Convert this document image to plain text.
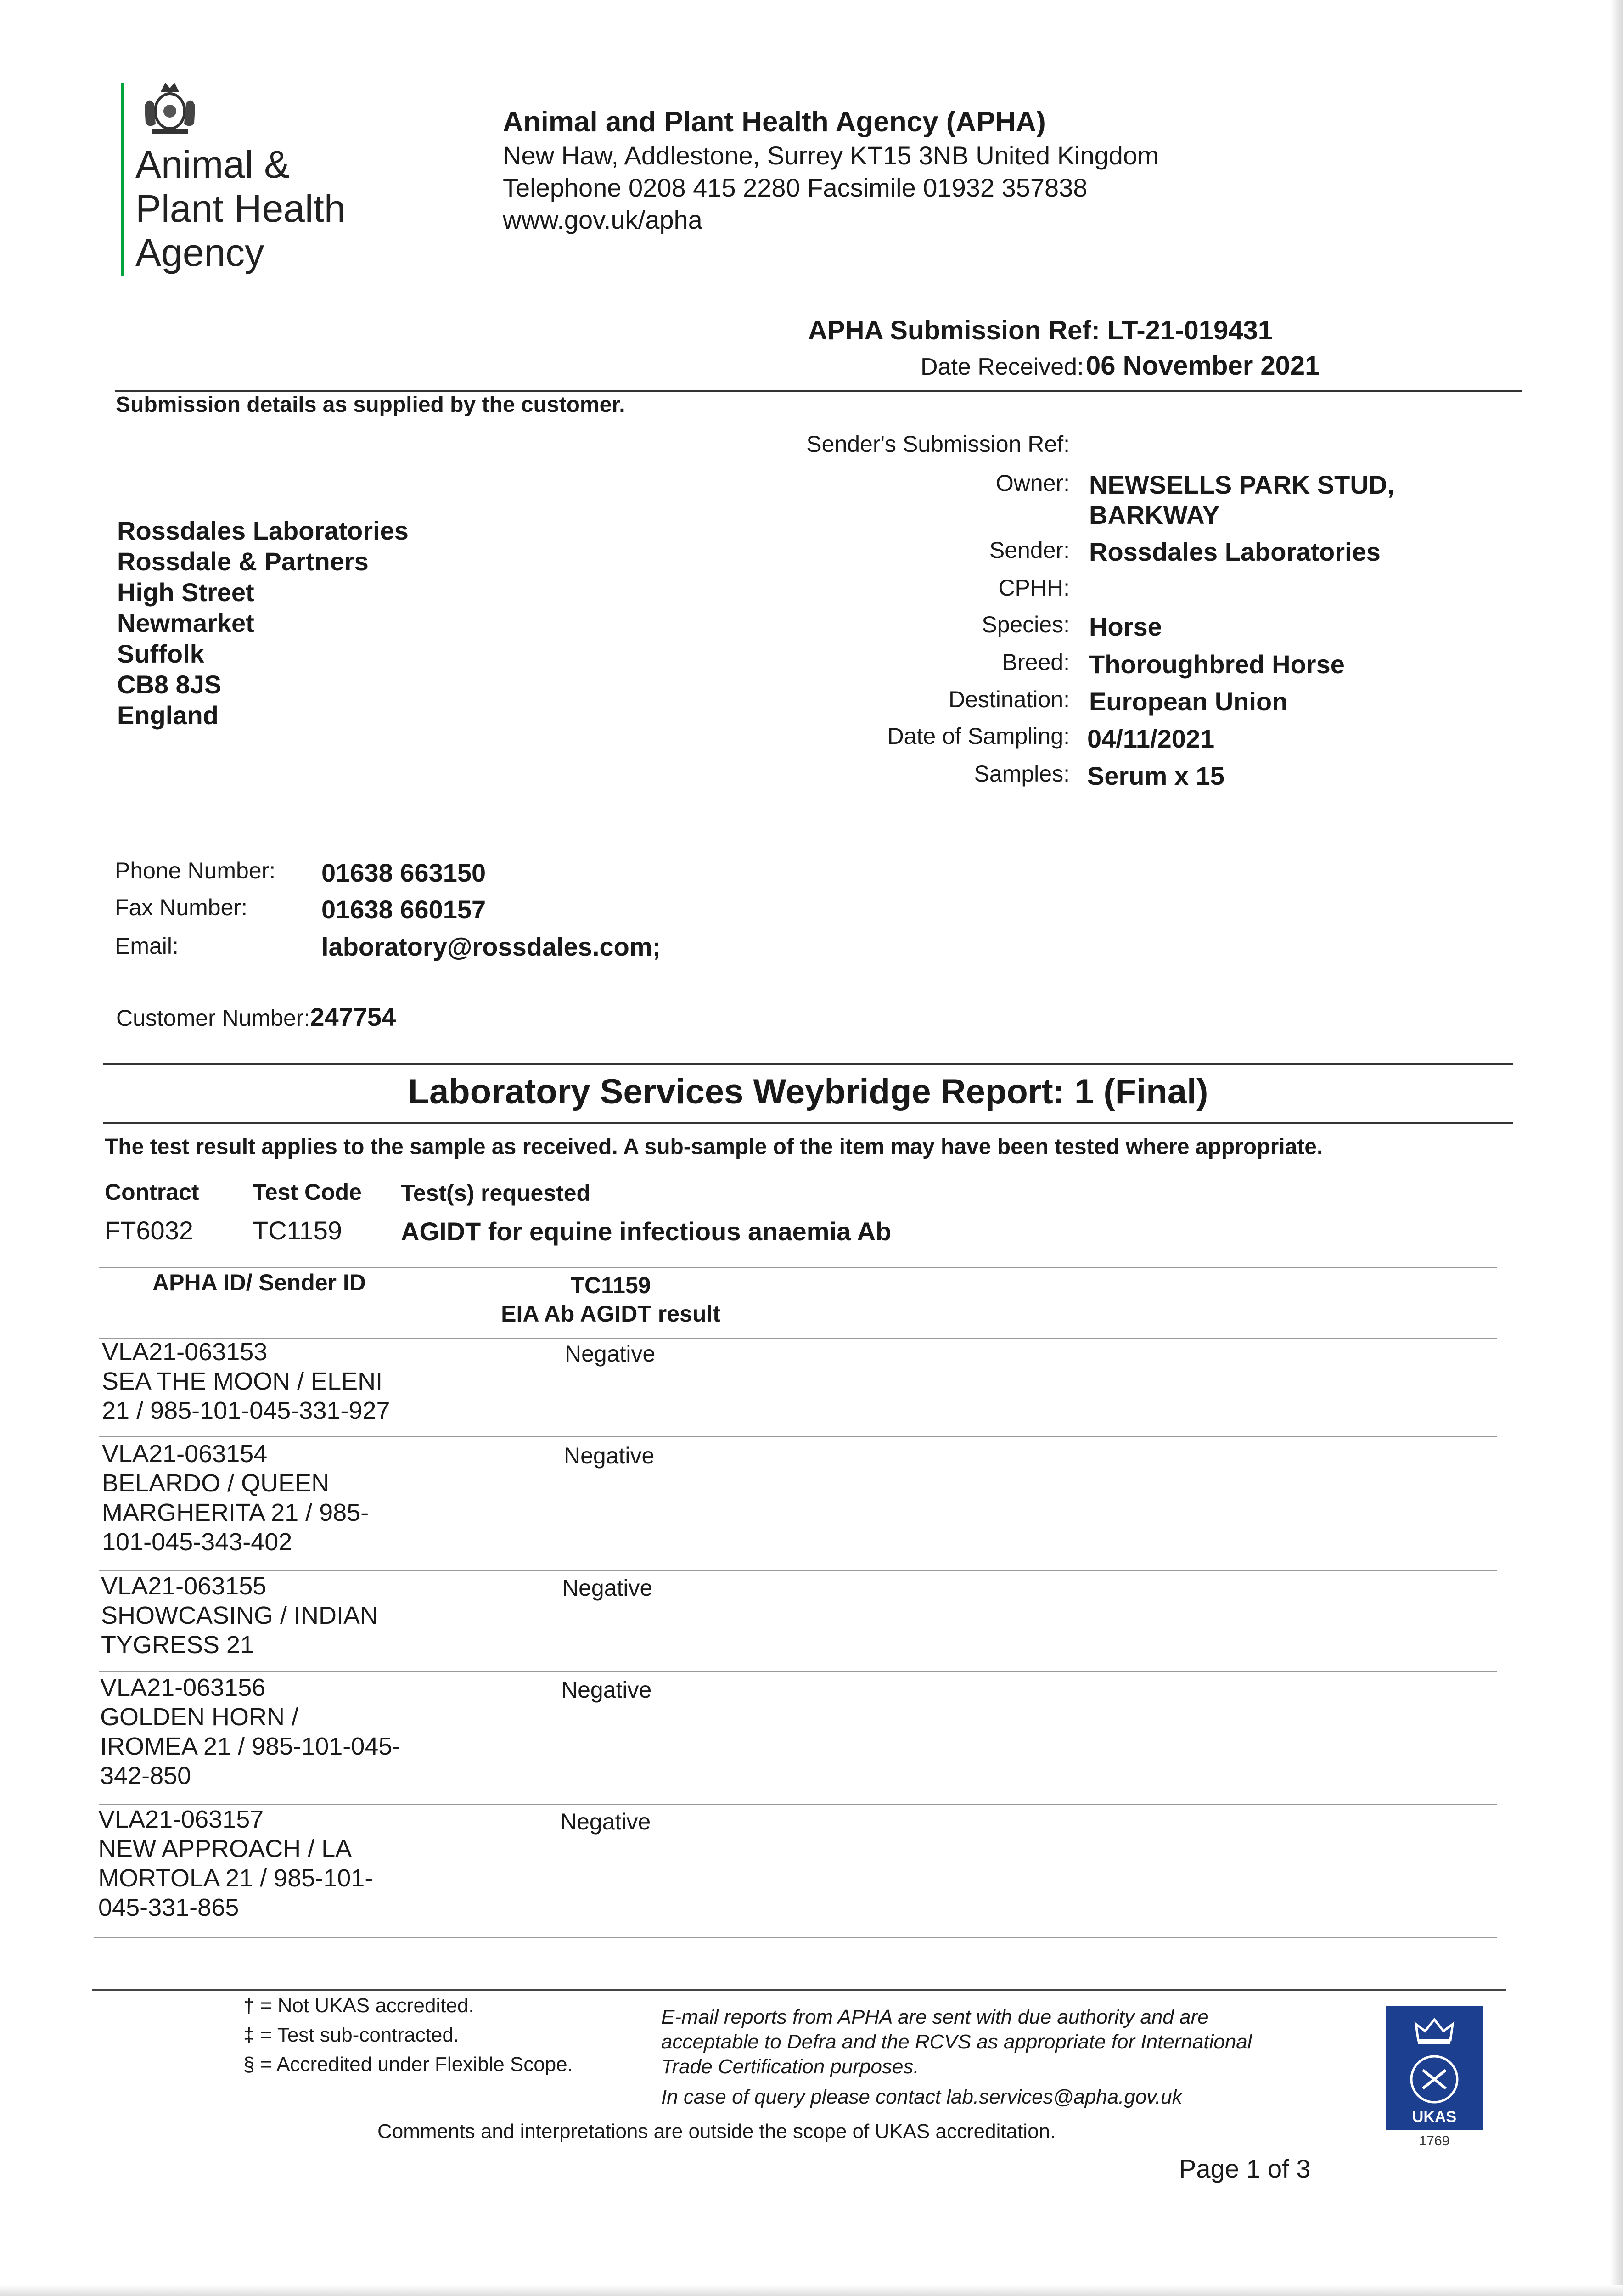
Animal &
Plant Health
Agency
Animal and Plant Health Agency (APHA)
New Haw, Addlestone, Surrey KT15 3NB United Kingdom
Telephone 0208 415 2280 Facsimile 01932 357838
www.gov.uk/apha
APHA Submission Ref: LT-21-019431
Date Received: 06 November 2021
Submission details as supplied by the customer.
Rossdales Laboratories
Rossdale & Partners
High Street
Newmarket
Suffolk
CB8 8JS
England
Sender's Submission Ref:
Owner: NEWSELLS PARK STUD,
BARKWAY
Sender: Rossdales Laboratories
CPHH:
Species: Horse
Breed: Thoroughbred Horse
Destination: European Union
Date of Sampling: 04/11/2021
Samples: Serum x 15
Phone Number: 01638 663150
Fax Number:	01638 660157
Email:	laboratory@rossdales.com;
Customer Number:247754
Laboratory Services Weybridge Report: 1 (Final)
The test result applies to the sample as received. A sub-sample of the item may have been tested where appropriate.
Contract Test Code Test(s) requested
FT6032 TC1159 AGIDT for equine infectious anaemia Ab
APHA ID/ Sender ID	TC1159
EIA Ab AGIDT result
VLA21-063153
SEA THE MOON / ELENI
21 / 985-101-045-331-927
Negative
VLA21-063154
BELARDO / QUEEN
MARGHERITA 21 / 985-
101-045-343-402
Negative
VLA21-063155
SHOWCASING / INDIAN
TYGRESS 21
Negative
VLA21-063156
GOLDEN HORN /
IROMEA 21 / 985-101-045-
342-850
Negative
VLA21-063157
NEW APPROACH / LA
MORTOLA 21 / 985-101-
045-331-865
Negative
† = Not UKAS accredited.
‡ = Test sub-contracted.
§ = Accredited under Flexible Scope.
E-mail reports from APHA are sent with due authority and are
acceptable to Defra and the RCVS as appropriate for International
Trade Certification purposes.
In case of query please contact lab.services@apha.gov.uk
Comments and interpretations are outside the scope of UKAS accreditation.
UKAS
1769
Page 1 of 3
